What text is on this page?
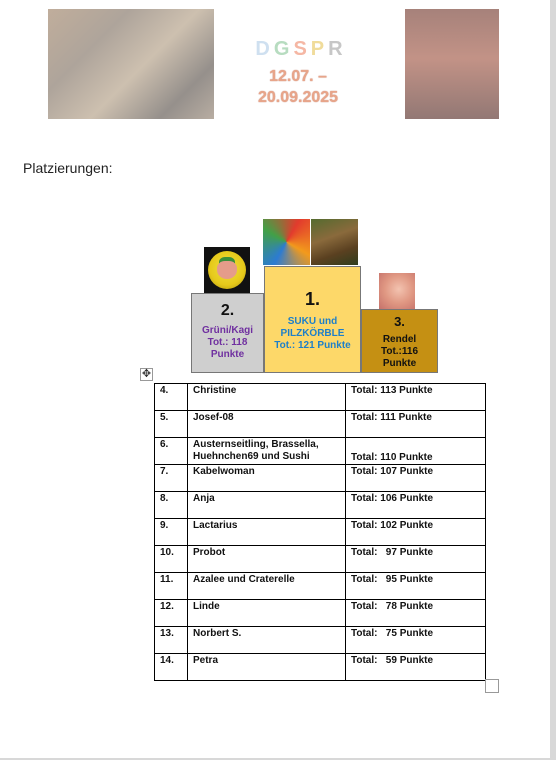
D G S P R
12.07. –
20.09.2025
Platzierungen:
2.
Grüni/Kagi
Tot.: 118 Punkte
1.
SUKU und PILZKÖRBLE
Tot.: 121 Punkte
3.
Rendel
Tot.:116 Punkte
✥
4.	Christine	Total: 113 Punkte
5.	Josef-08	Total: 111 Punkte
6.	Austernseitling, Brassella, Huehnchen69 und Sushi	Total: 110 Punkte
7.	Kabelwoman	Total: 107 Punkte
8.	Anja	Total: 106 Punkte
9.	Lactarius	Total: 102 Punkte
10.	Probot	Total:   97 Punkte
11.	Azalee und Craterelle	Total:   95 Punkte
12.	Linde	Total:   78 Punkte
13.	Norbert S.	Total:   75 Punkte
14.	Petra	Total:   59 Punkte
